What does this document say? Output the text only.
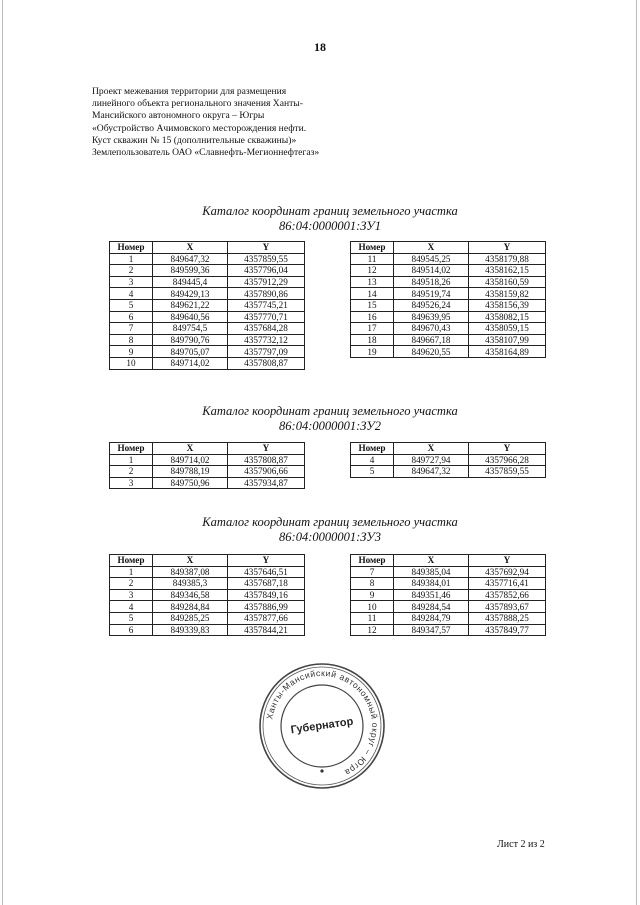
18
Проект межевания территории для размещения
линейного объекта регионального значения Ханты-
Мансийского автономного округа – Югры
«Обустройство Ачимовского месторождения нефти.
Куст скважин № 15 (дополнительные скважины)»
Землепользователь ОАО «Славнефть-Мегионнефтегаз»
Каталог координат границ земельного участка
86:04:0000001:ЗУ1
Номер	X	Y
1	849647,32	4357859,55
2	849599,36	4357796,04
3	849445,4	4357912,29
4	849429,13	4357890,86
5	849621,22	4357745,21
6	849640,56	4357770,71
7	849754,5	4357684,28
8	849790,76	4357732,12
9	849705,07	4357797,09
10	849714,02	4357808,87
Номер	X	Y
11	849545,25	4358179,88
12	849514,02	4358162,15
13	849518,26	4358160,59
14	849519,74	4358159,82
15	849526,24	4358156,39
16	849639,95	4358082,15
17	849670,43	4358059,15
18	849667,18	4358107,99
19	849620,55	4358164,89
Каталог координат границ земельного участка
86:04:0000001:ЗУ2
Номер	X	Y
1	849714,02	4357808,87
2	849788,19	4357906,66
3	849750,96	4357934,87
Номер	X	Y
4	849727,94	4357966,28
5	849647,32	4357859,55
Каталог координат границ земельного участка
86:04:0000001:ЗУ3
Номер	X	Y
1	849387,08	4357646,51
2	849385,3	4357687,18
3	849346,58	4357849,16
4	849284,84	4357886,99
5	849285,25	4357877,66
6	849339,83	4357844,21
Номер	X	Y
7	849385,04	4357692,94
8	849384,01	4357716,41
9	849351,46	4357852,66
10	849284,54	4357893,67
11	849284,79	4357888,25
12	849347,57	4357849,77
Ханты-Мансийский автономный округ – Югра
Губернатор
Лист 2 из 2
